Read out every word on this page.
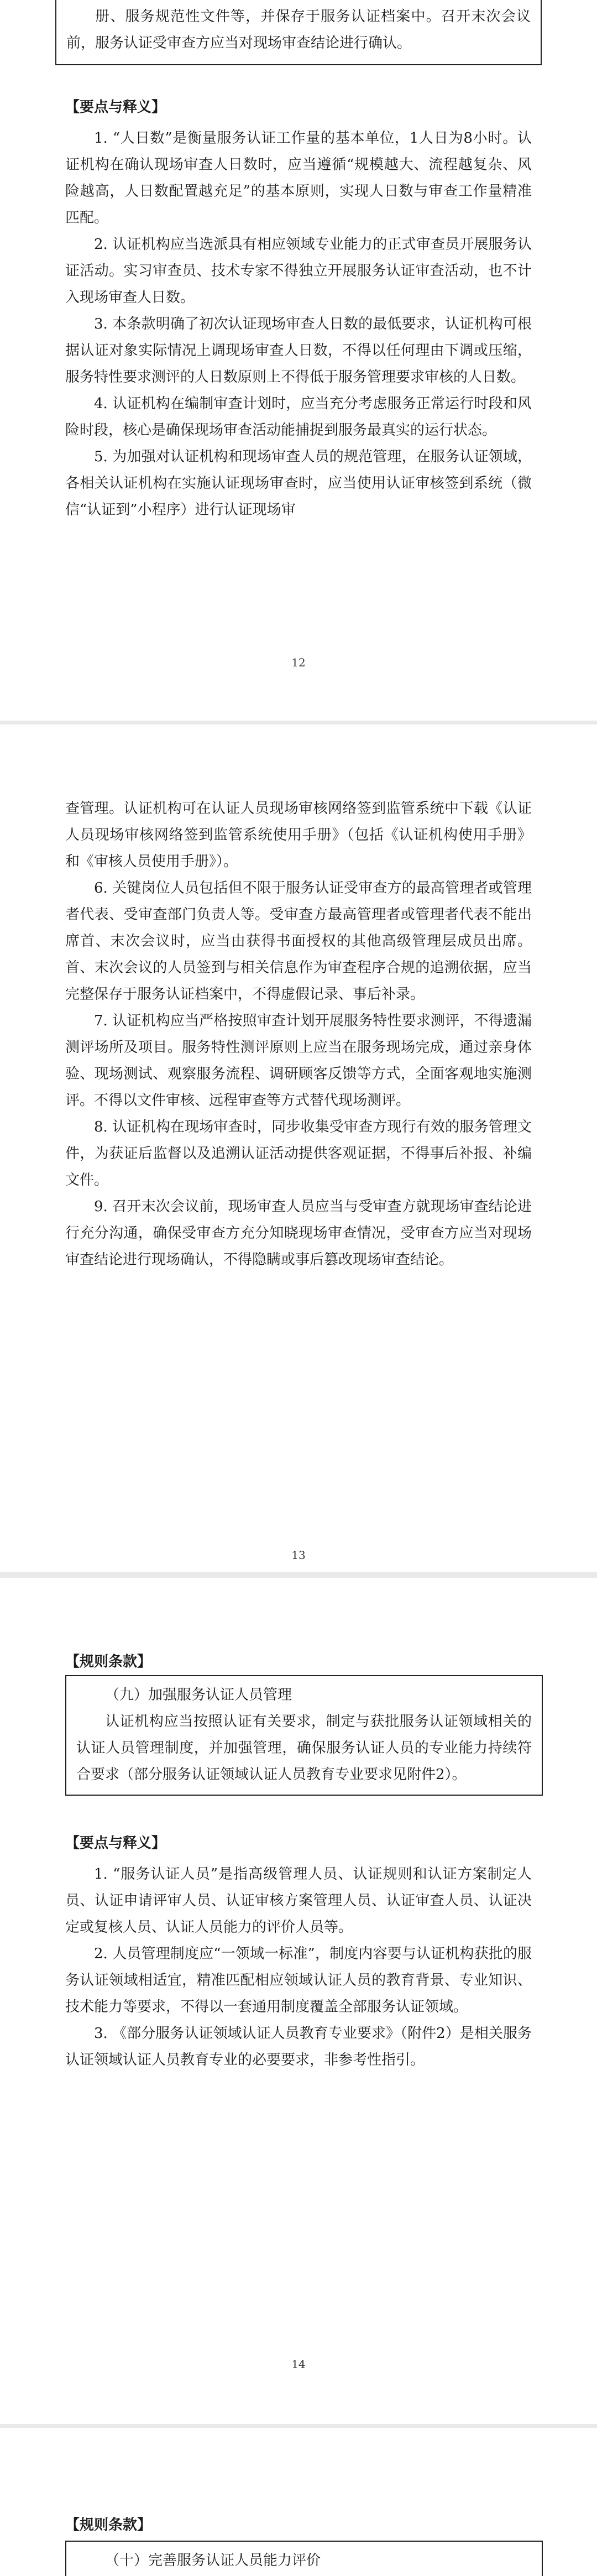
册、服务规范性文件等，并保存于服务认证档案中。召开末次会议前，服务认证受审查方应当对现场审查结论进行确认。

【要点与释义】

1. “人日数”是衡量服务认证工作量的基本单位，1人日为8小时。认证机构在确认现场审查人日数时，应当遵循“规模越大、流程越复杂、风险越高，人日数配置越充足”的基本原则，实现人日数与审查工作量精准匹配。

2. 认证机构应当选派具有相应领域专业能力的正式审查员开展服务认证活动。实习审查员、技术专家不得独立开展服务认证审查活动，也不计入现场审查人日数。

3. 本条款明确了初次认证现场审查人日数的最低要求，认证机构可根据认证对象实际情况上调现场审查人日数，不得以任何理由下调或压缩，服务特性要求测评的人日数原则上不得低于服务管理要求审核的人日数。

4. 认证机构在编制审查计划时，应当充分考虑服务正常运行时段和风险时段，核心是确保现场审查活动能捕捉到服务最真实的运行状态。

5. 为加强对认证机构和现场审查人员的规范管理，在服务认证领域，各相关认证机构在实施认证现场审查时，应当使用认证审核签到系统（微信“认证到”小程序）进行认证现场审

12

查管理。认证机构可在认证人员现场审核网络签到监管系统中下载《认证人员现场审核网络签到监管系统使用手册》（包括《认证机构使用手册》和《审核人员使用手册》）。

6. 关键岗位人员包括但不限于服务认证受审查方的最高管理者或管理者代表、受审查部门负责人等。受审查方最高管理者或管理者代表不能出席首、末次会议时，应当由获得书面授权的其他高级管理层成员出席。首、末次会议的人员签到与相关信息作为审查程序合规的追溯依据，应当完整保存于服务认证档案中，不得虚假记录、事后补录。

7. 认证机构应当严格按照审查计划开展服务特性要求测评，不得遗漏测评场所及项目。服务特性测评原则上应当在服务现场完成，通过亲身体验、现场测试、观察服务流程、调研顾客反馈等方式，全面客观地实施测评。不得以文件审核、远程审查等方式替代现场测评。

8. 认证机构在现场审查时，同步收集受审查方现行有效的服务管理文件，为获证后监督以及追溯认证活动提供客观证据，不得事后补报、补编文件。

9. 召开末次会议前，现场审查人员应当与受审查方就现场审查结论进行充分沟通，确保受审查方充分知晓现场审查情况，受审查方应当对现场审查结论进行现场确认，不得隐瞒或事后篡改现场审查结论。

13

【规则条款】

（九）加强服务认证人员管理

认证机构应当按照认证有关要求，制定与获批服务认证领域相关的认证人员管理制度，并加强管理，确保服务认证人员的专业能力持续符合要求（部分服务认证领域认证人员教育专业要求见附件2）。

【要点与释义】

1. “服务认证人员”是指高级管理人员、认证规则和认证方案制定人员、认证申请评审人员、认证审核方案管理人员、认证审查人员、认证决定或复核人员、认证人员能力的评价人员等。

2. 人员管理制度应“一领域一标准”，制度内容要与认证机构获批的服务认证领域相适宜，精准匹配相应领域认证人员的教育背景、专业知识、技术能力等要求，不得以一套通用制度覆盖全部服务认证领域。

3. 《部分服务认证领域认证人员教育专业要求》（附件2）是相关服务认证领域认证人员教育专业的必要要求，非参考性指引。

14

【规则条款】

（十）完善服务认证人员能力评价
